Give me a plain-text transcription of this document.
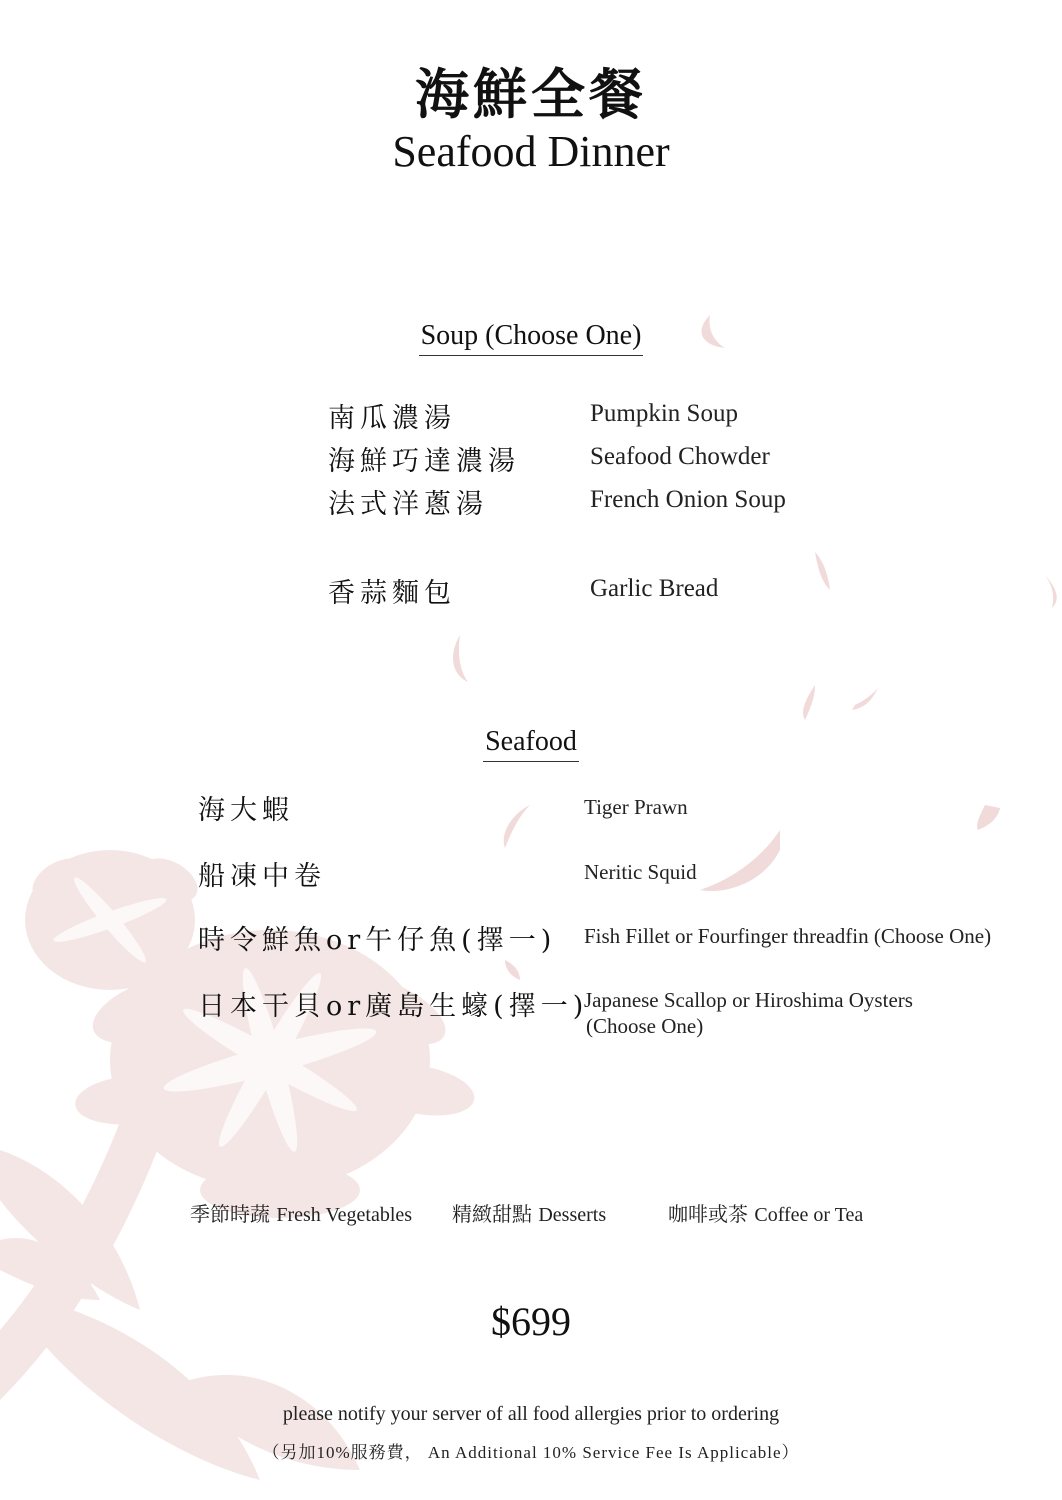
海鮮全餐
Seafood Dinner
Soup (Choose One)
南瓜濃湯	Pumpkin Soup
海鮮巧達濃湯	Seafood Chowder
法式洋蔥湯	French Onion Soup
香蒜麵包	Garlic Bread
Seafood
海大蝦	Tiger Prawn
船凍中卷	Neritic Squid
時令鮮魚or午仔魚(擇一) Fish Fillet or Fourfinger threadfin (Choose One)
日本干貝or廣島生蠔(擇一)
Japanese Scallop or Hiroshima Oysters
(Choose One)
季節時蔬 Fresh Vegetables 精緻甜點 Desserts	咖啡或茶 Coffee or Tea
$699
please notify your server of all food allergies prior to ordering
（另加10%服務費， An Additional 10% Service Fee Is Applicable）
